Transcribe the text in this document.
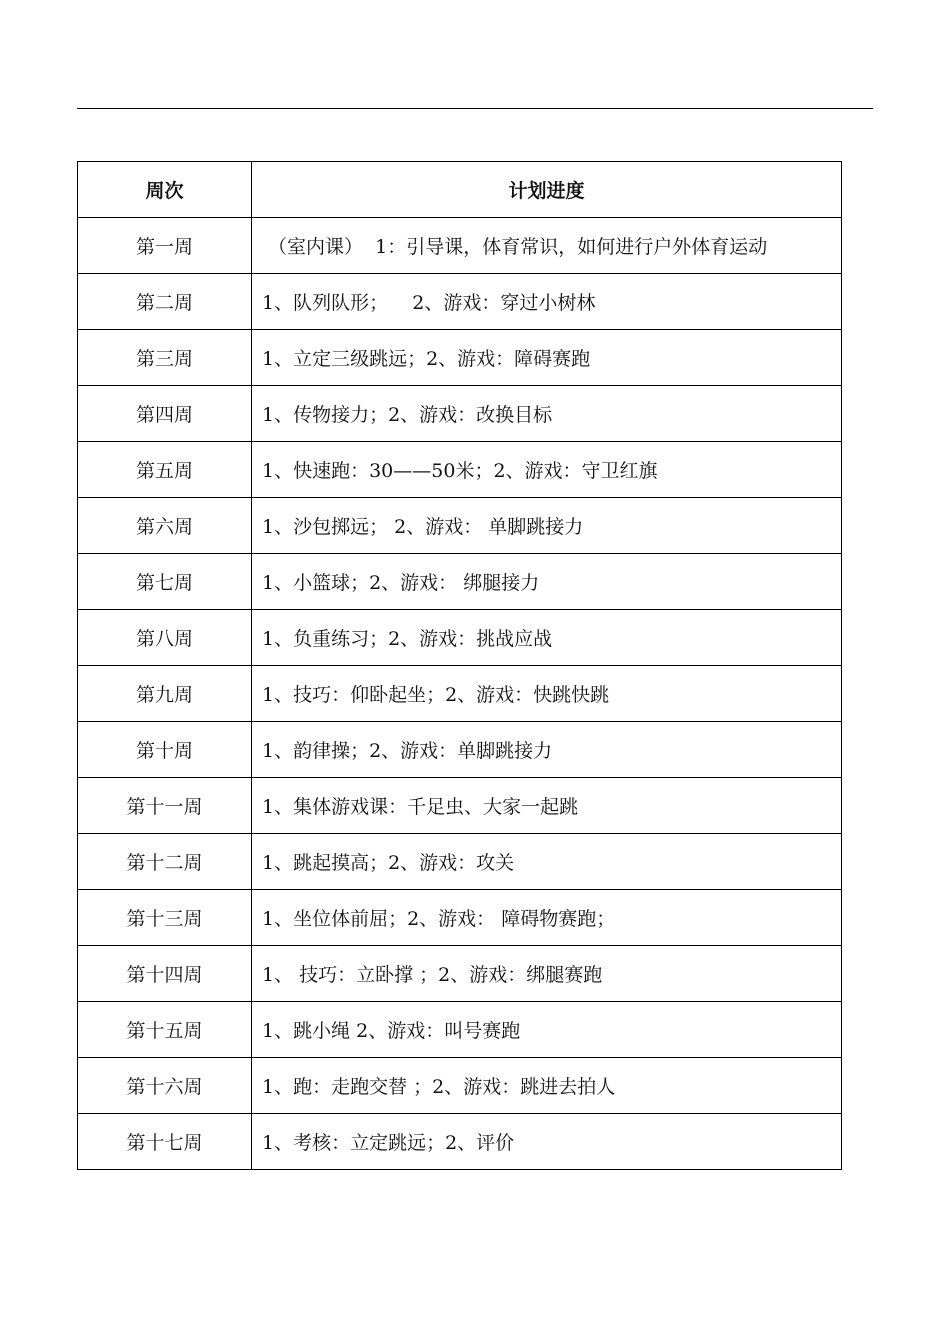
周次	计划进度
第一周	（室内课）  1：引导课，体育常识，如何进行户外体育运动
第二周	1、队列队形；    2、游戏：穿过小树林
第三周	1、立定三级跳远；2、游戏：障碍赛跑
第四周	1、传物接力；2、游戏：改换目标
第五周	1、快速跑：30——50米；2、游戏：守卫红旗
第六周	1、沙包掷远； 2、游戏： 单脚跳接力
第七周	1、小篮球；2、游戏： 绑腿接力
第八周	1、负重练习；2、游戏：挑战应战
第九周	1、技巧：仰卧起坐；2、游戏：快跳快跳
第十周	1、韵律操；2、游戏：单脚跳接力
第十一周	1、集体游戏课：千足虫、大家一起跳
第十二周	1、跳起摸高；2、游戏：攻关
第十三周	1、坐位体前屈；2、游戏： 障碍物赛跑；
第十四周	1、 技巧：立卧撑 ；2、游戏：绑腿赛跑
第十五周	1、跳小绳 2、游戏：叫号赛跑
第十六周	1、跑：走跑交替 ；2、游戏：跳进去拍人
第十七周	1、考核：立定跳远；2、评价
